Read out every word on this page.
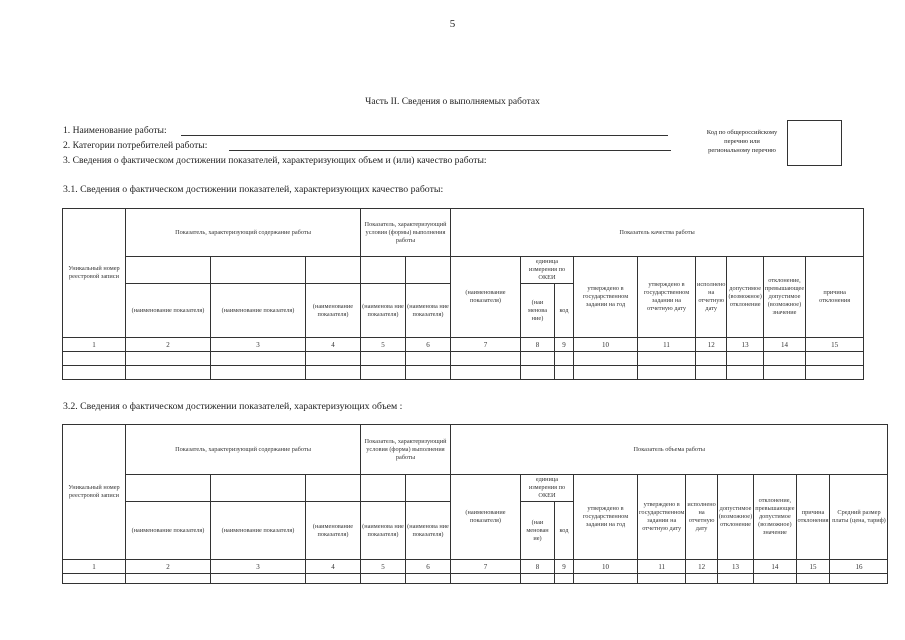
5
Часть II. Сведения о выполняемых работах
1. Наименование работы:
2. Категории потребителей работы:
3. Сведения о фактическом достижении показателей, характеризующих объем и (или) качество работы:
Код по общероссийскому
перечню или
региональному перечню
3.1. Сведения о фактическом достижении показателей, характеризующих качество работы:
Уникальный номер реестровой записи	Показатель, характеризующий содержание работы			Показатель, характеризующий условия (формы) выполнения работы		Показатель качества работы								
						(наименование показателя)	единица измерения по ОКЕИ		утверждено в государственном задании на год	утверждено в государственном задании на отчетную дату	исполнено на отчетную дату	допустимое (возможное) отклонение	отклонение, превышающее допустимое (возможное) значение	причина отклонения
	(наименование показателя)	(наименование показателя)	(наименование показателя)	(наименова ние показателя)	(наименова ние показателя)		(наи менова ние)	код						
1	2	3	4	5	6	7	8	9	10	11	12	13	14	15

3.2. Сведения о фактическом достижении показателей, характеризующих объем :
Уникальный номер реестровой записи	Показатель, характеризующий содержание работы			Показатель, характеризующий условия (форма) выполнения работы		Показатель объема работы									
						(наименование показателя)	единица измерения по ОКЕИ		утверждено в государственном задании на год	утверждено в государственном задании на отчетную дату	исполнено на отчетную дату	допустимое (возможное) отклонение	отклонение, превышающее допустимое (возможное) значение	причина отклонения	Средний размер платы (цена, тариф)
	(наименование показателя)	(наименование показателя)	(наименование показателя)	(наименова ние показателя)	(наименова ние показателя)		(наи менован ие)	код							
1	2	3	4	5	6	7	8	9	10	11	12	13	14	15	16
